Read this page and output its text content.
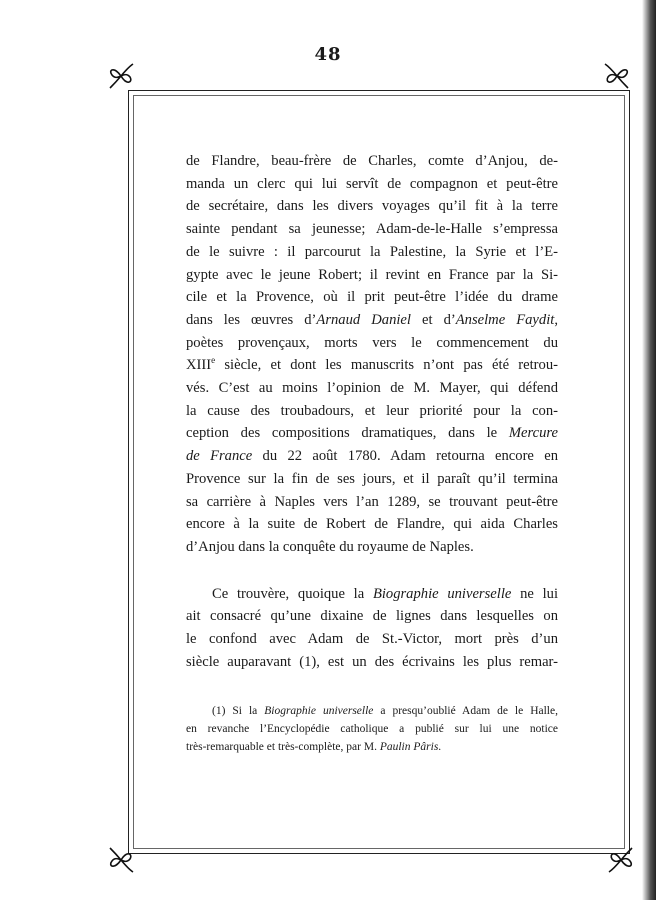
48

de Flandre, beau-frère de Charles, comte d’Anjou, de-
manda un clerc qui lui servît de compagnon et peut-être
de secrétaire, dans les divers voyages qu’il fit à la terre
sainte pendant sa jeunesse; Adam-de-le-Halle s’empressa
de le suivre : il parcourut la Palestine, la Syrie et l’E-
gypte avec le jeune Robert; il revint en France par la Si-
cile et la Provence, où il prit peut-être l’idée du drame
dans les œuvres d’Arnaud Daniel et d’Anselme Faydit,
poètes provençaux, morts vers le commencement du
XIIIe siècle, et dont les manuscrits n’ont pas été retrou-
vés. C’est au moins l’opinion de M. Mayer, qui défend
la cause des troubadours, et leur priorité pour la con-
ception des compositions dramatiques, dans le Mercure
de France du 22 août 1780. Adam retourna encore en
Provence sur la fin de ses jours, et il paraît qu’il termina
sa carrière à Naples vers l’an 1289, se trouvant peut-être
encore à la suite de Robert de Flandre, qui aida Charles
d’Anjou dans la conquête du royaume de Naples.

Ce trouvère, quoique la Biographie universelle ne lui
ait consacré qu’une dixaine de lignes dans lesquelles on
le confond avec Adam de St.-Victor, mort près d’un
siècle auparavant (1), est un des écrivains les plus remar-

(1) Si la Biographie universelle a presqu’oublié Adam de le Halle,
en revanche l’Encyclopédie catholique a publié sur lui une notice
très-remarquable et très-complète, par M. Paulin Pâris.
